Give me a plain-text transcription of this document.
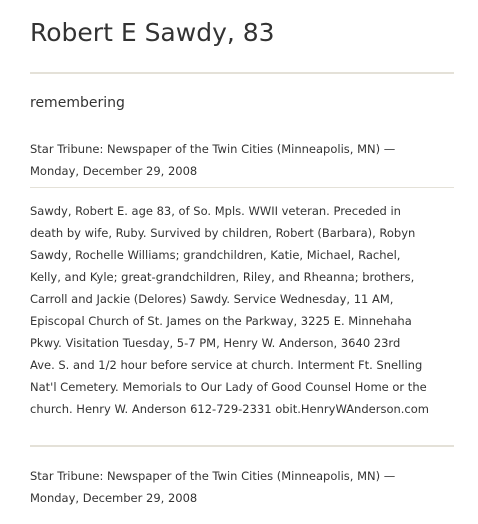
Robert E Sawdy, 83
remembering
Star Tribune: Newspaper of the Twin Cities (Minneapolis, MN) —
Monday, December 29, 2008
Sawdy, Robert E. age 83, of So. Mpls. WWII veteran. Preceded in
death by wife, Ruby. Survived by children, Robert (Barbara), Robyn
Sawdy, Rochelle Williams; grandchildren, Katie, Michael, Rachel,
Kelly, and Kyle; great-grandchildren, Riley, and Rheanna; brothers,
Carroll and Jackie (Delores) Sawdy. Service Wednesday, 11 AM,
Episcopal Church of St. James on the Parkway, 3225 E. Minnehaha
Pkwy. Visitation Tuesday, 5-7 PM, Henry W. Anderson, 3640 23rd
Ave. S. and 1/2 hour before service at church. Interment Ft. Snelling
Nat'l Cemetery. Memorials to Our Lady of Good Counsel Home or the
church. Henry W. Anderson 612-729-2331 obit.HenryWAnderson.com
Star Tribune: Newspaper of the Twin Cities (Minneapolis, MN) —
Monday, December 29, 2008
